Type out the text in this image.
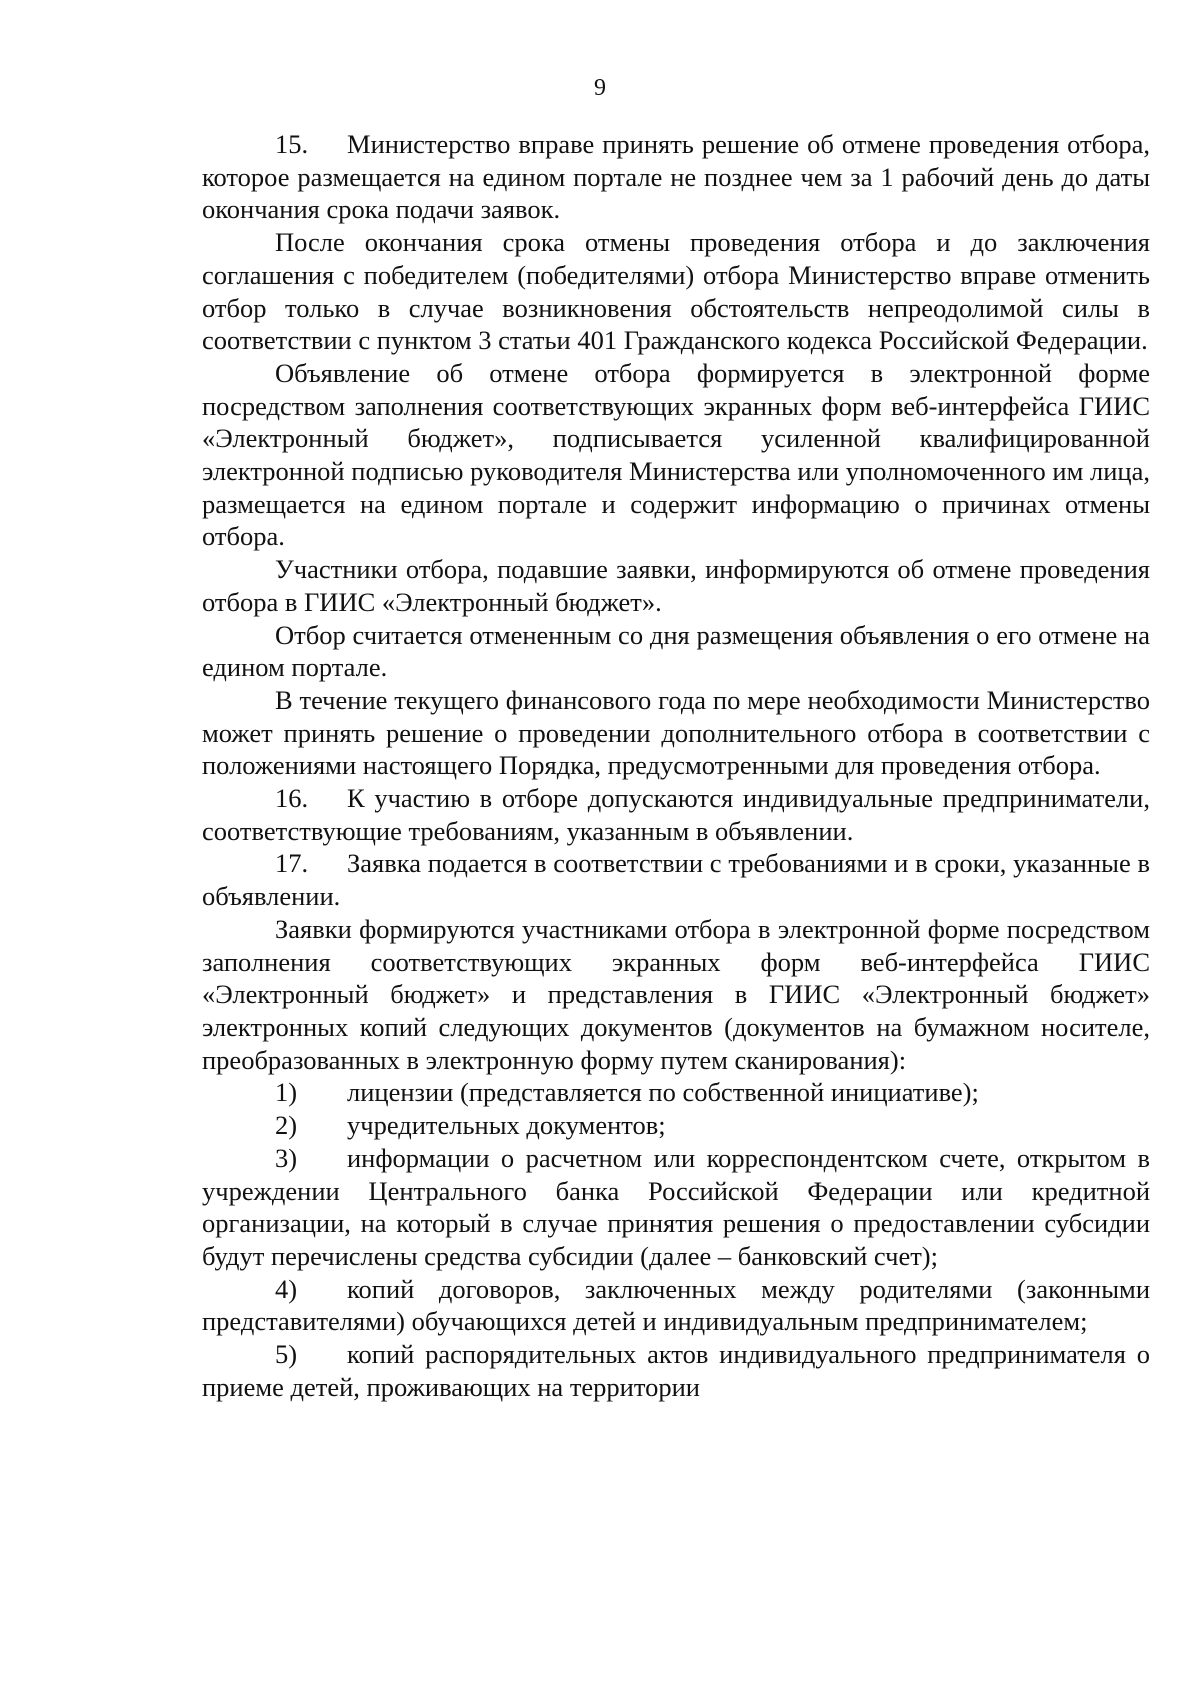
9

15. Министерство вправе принять решение об отмене проведения отбора, которое размещается на едином портале не позднее чем за 1 рабочий день до даты окончания срока подачи заявок.

После окончания срока отмены проведения отбора и до заключения соглашения с победителем (победителями) отбора Министерство вправе отменить отбор только в случае возникновения обстоятельств непреодолимой силы в соответствии с пунктом 3 статьи 401 Гражданского кодекса Российской Федерации.

Объявление об отмене отбора формируется в электронной форме посредством заполнения соответствующих экранных форм веб-интерфейса ГИИС «Электронный бюджет», подписывается усиленной квалифицированной электронной подписью руководителя Министерства или уполномоченного им лица, размещается на едином портале и содержит информацию о причинах отмены отбора.

Участники отбора, подавшие заявки, информируются об отмене проведения отбора в ГИИС «Электронный бюджет».

Отбор считается отмененным со дня размещения объявления о его отмене на едином портале.

В течение текущего финансового года по мере необходимости Министерство может принять решение о проведении дополнительного отбора в соответствии с положениями настоящего Порядка, предусмотренными для проведения отбора.

16. К участию в отборе допускаются индивидуальные предприниматели, соответствующие требованиям, указанным в объявлении.

17. Заявка подается в соответствии с требованиями и в сроки, указанные в объявлении.

Заявки формируются участниками отбора в электронной форме посредством заполнения соответствующих экранных форм веб-интерфейса ГИИС «Электронный бюджет» и представления в ГИИС «Электронный бюджет» электронных копий следующих документов (документов на бумажном носителе, преобразованных в электронную форму путем сканирования):

1) лицензии (представляется по собственной инициативе);

2) учредительных документов;

3) информации о расчетном или корреспондентском счете, открытом в учреждении Центрального банка Российской Федерации или кредитной организации, на который в случае принятия решения о предоставлении субсидии будут перечислены средства субсидии (далее – банковский счет);

4) копий договоров, заключенных между родителями (законными представителями) обучающихся детей и индивидуальным предпринимателем;

5) копий распорядительных актов индивидуального предпринимателя о приеме детей, проживающих на территории
